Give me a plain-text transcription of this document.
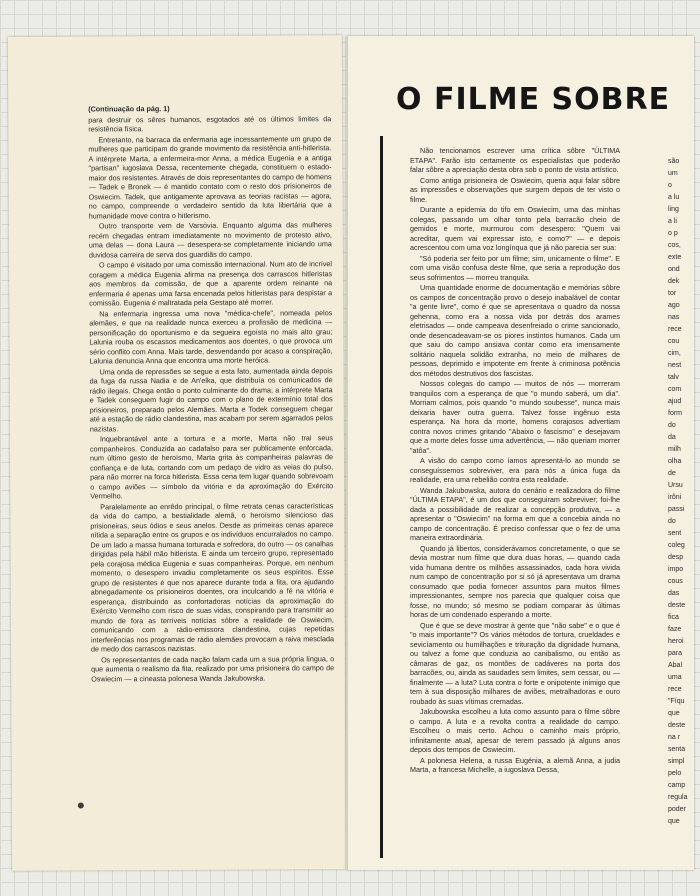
(Continuação da pág. 1)

para destruir os sêres humanos, esgotados até os últimos limites da resistência física.

Entretanto, na barraca da enfermaria age incessantemente um grupo de mulheres que participam do grande movimento da resistência anti-hitlerista. A intérprete Marta, a enfermeira-mor Anna, a médica Eugenia e a antiga "partisan" iugoslava Dessa, recentemente chegada, constituem o estado-maior dos resistentes. Através de dois representantes do campo de homens — Tadek e Bronek — é mantido contato com o resto dos prisioneiros de Oswiecim. Tadek, que antigamente aprovava as teorias racistas — agora, no campo, compreende o verdadeiro sentido da luta libertária que a humanidade move contra o hitlerismo.

Outro transporte vem de Varsóvia. Enquanto alguma das mulheres recém chegadas entram imediatamente no movimento de protesto ativo, uma delas — dona Laura — desespera-se completamente iniciando uma duvidosa carreira de serva dos guardiãs do campo.

O campo é visitado por uma comissão internacional. Num ato de incrível coragem a médica Eugenia afirma na presença dos carrascos hitleristas aos membros da comissão, de que a aparente ordem reinante na enfermaria é apenas uma farsa encenada pelos hitleristas para despistar a comissão. Eugenia é maltratada pela Gestapo até morrer.

Na enfermaria ingressa uma nova "médica-chefe", nomeada pelos alemães, e que na realidade nunca exerceu a profissão de medicina — personificação do oportunismo e da segueira egoísta no mais alto grau; Lalunia rouba os escassos medicamentos aos doentes, o que provoca um sério conflito com Anna. Mais tarde, desvendando por acaso a conspiração, Lalunia denuncia Anna que encontra uma morte heróica.

Uma onda de repressões se segue a esta fato, aumentada ainda depois da fuga da russa Nadia e de An'elka, que distribuía os comunicados de rádio ilegais. Chega então o ponto culminante do drama; a intérprete Marta e Tadek conseguem fugir do campo com o plano de extermínio total dos prisioneiros, preparado pelos Alemães. Marta e Todek conseguem chegar até a estação de rádio clandestina, mas acabam por serem agarrados pelos nazistas.

Inquebrantável ante a tortura e a morte, Marta não trai seus companheiros. Conduzida ao cadafalso para ser publicamente enforcada, num último gesto de heroísmo, Marta grita às companheiras palavras de confiança e de luta, cortando com um pedaço de vidro as veias do pulso, para não morrer na forca hitlerista. Essa cena tem lugar quando sobrevoam o campo aviões — símbolo da vitória e da aproximação do Exército Vermelho.

Paralelamente ao enrêdo principal, o filme retrata cenas características da vida do campo, a bestialidade alemã, o heroísmo silencioso das prisioneiras, seus ódios e seus anelos. Desde as primeiras cenas aparece nítida a separação entre os grupos e os indivíduos encurralados no campo. De um lado a massa humana torturada e sofredora, do outro — os canalhas dirigidas pela hábil mão hitlerista. E ainda um terceiro grupo, representado pela corajosa médica Eugenia e suas companheiras. Porque, em nenhum momento, o desespero invadiu completamente os seus espíritos. Esse grupo de resistentes é que nos aparece durante toda a fita, ora ajudando abnegadamente os prisioneiros doentes, ora inculcando a fé na vitória e esperança, distribuindo as confortadoras notícias da aproximação do Exército Vermelho com risco de suas vidas, conspirando para transmitir ao mundo de fora as terríveis notícias sôbre a realidade de Oswiecim, comunicando com a rádio-emissora clandestina, cujas repetidas interferências nos programas de rádio alemães provocam a raiva mesclada de medo dos carrascos nazistas.

Os representantes de cada nação falam cada um a sua própria língua, o que aumenta o realismo da fita, realizado por uma prisioneira do campo de Oswiecim — a cineasta polonesa Wanda Jakubowska.

O FILME SOBRE

Não tencionamos escrever uma crítica sôbre "ÚLTIMA ETAPA". Farão isto certamente os especialistas que poderão falar sôbre a apreciação desta obra sob o ponto de vista artístico.

Como antiga prisioneira de Oswiecim, queria aqui falar sôbre as impressões e observações que surgem depois de ter visto o filme.

Durante a epidemia do tifo em Oswiecim, uma das minhas colegas, passando um olhar tonto pela barracão cheio de gemidos e morte, murmurou com desespero: "Quem vai acreditar, quem vai expressar isto, e como?" — e depois acrescentou com uma voz longínqua que já não parecia ser sua:

"Só poderia ser feito por um filme; sim, unicamente o filme". E com uma visão confusa deste filme, que seria a reprodução dos seus sofrimentos — morreu tranquila.

Uma quantidade enorme de documentação e memórias sôbre os campos de concentração provo o desejo inabalável de contar "a gente livre", como é que se apresentava o quadro da nossa gehenna, como era a nossa vida por detrás dos arames eletrisados — onde campeava desenfreiado o crime sancionado, onde desencadeavam-se os piores instintos humanos. Cada um que saiu do campo ansiava contar como era imensamente solitário naquela solidão extranha, no meio de milhares de pessoas, deprimido e impotente em frente à criminosa potência dos métodos destrutivos dos fascistas.

Nossos colegas do campo — muitos de nós — morreram tranquilos com a esperança de que "o mundo saberá, um dia". Morriam calmos, pois quando "o mundo soubesse", nunca mais deixaria haver outra guerra. Talvez fosse ingênuo esta esperança. Na hora da morte, homens corajosos advertiam contra novos crimes gritando "Abaixo o fascismo" e desejavam que a morte deles fosse uma advertência, — não queriam morrer "atôa".

A visão do campo como íamos apresentá-lo ao mundo se conseguíssemos sobreviver, era para nós a única fuga da realidade, era uma rebelião contra esta realidade.

Wanda Jakubowska, autora do cenário e realizadora do filme "ÚLTIMA ETAPA", é um dos que conseguiram sobreviver; foi-lhe dada a possibilidade de realizar a concepção produtiva, — a apresentar o "Oswiecim" na forma em que a concebia ainda no campo de concentração. É preciso confessar que o fez de uma maneira extraordinária.

Quando já libertos, considerávamos concretamente, o que se devia mostrar num filme que dura duas horas, — quando cada vida humana dentre os milhões assassinados, cada hora vivida num campo de concentração por si só já apresentava um drama consumado que podia fornecer assuntos para muitos filmes impressionantes, sempre nos parecia que qualquer coisa que fosse, no mundo; só mesmo se podiam comparar às últimas horas de um condenado esperando a morte.

Que é que se deve mostrar à gente que "não sabe" e o que é "o mais importante"? Os vários métodos de tortura, crueldades e sevicíamento ou humilhações e trituração da dignidade humana, ou talvez a fome que conduzia ao canibalismo, ou então as câmaras de gaz, os montões de cadáveres na porta dos barracões, ou, ainda as saudades sem limites, sem cessar, ou — finalmente — a luta? Luta contra o forte e onipotente inimigo que tem à sua disposição milhares de aviões, metralhadoras e ouro roubado às suas vítimas cremadas.

Jakubowska escolheu a luta como assunto para o filme sôbre o campo. A luta e a revolta contra a realidade do campo. Escolheu o mais certo. Achou o caminho mais próprio, infinitamente atual, apesar de terem passado já alguns anos depois dos tempos de Oswiecim.

A polonesa Helena, a russa Eugénia, a alemã Anna, a judia Marta, a francesa Michelle, a iugoslava Dessa,

são
um
o
a lu
ling
a li
o p
cos,
exte
ond
dek
tor
ago
nas
rece
cou
cim,
nest
talv
com
ajud
form
do
da
milh
olha
de
Ursu
irôni
passi
do
sent
coleg
desp
impo
cous
das
deste
fica
faze
heroi
para
Abal
uma
rece
"Fíqu
que
deste
na r
senta
simpl
pelo
camp
regula
poder
que
